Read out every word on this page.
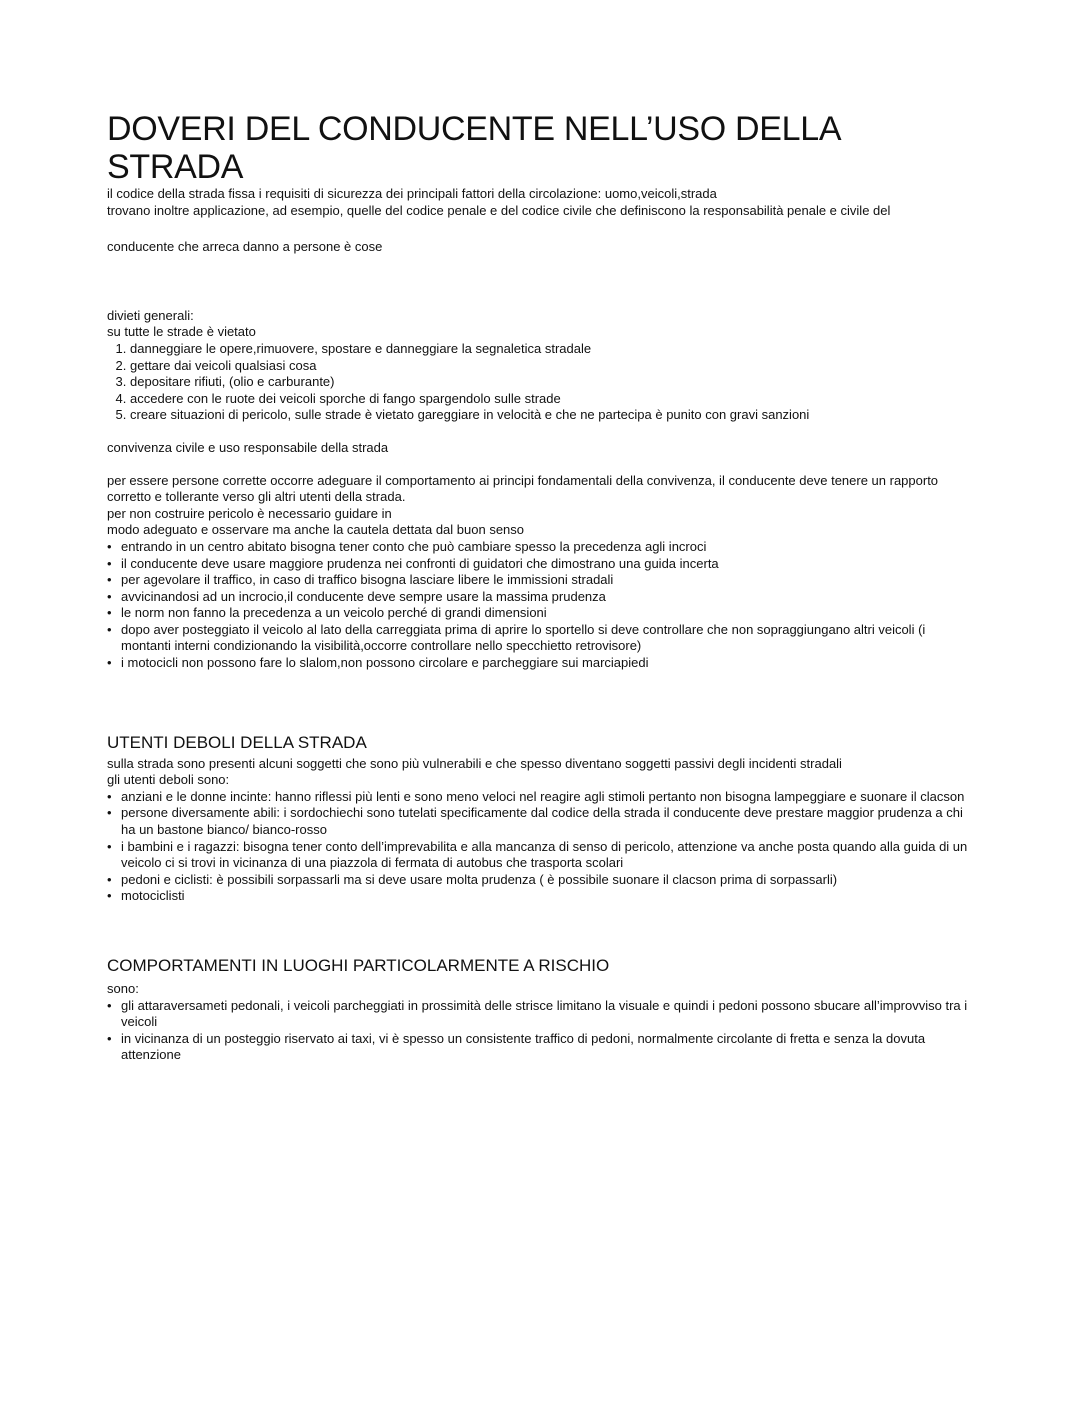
DOVERI DEL CONDUCENTE NELL’USO DELLA STRADA

il codice della strada fissa i requisiti di sicurezza dei principali fattori della circolazione: uomo,veicoli,strada

trovano inoltre applicazione, ad esempio, quelle del codice penale e del codice civile che definiscono la responsabilità penale e civile del

conducente che arreca danno a persone è cose

divieti generali:

su tutte le strade è vietato

1. danneggiare le opere,rimuovere, spostare e danneggiare la segnaletica stradale
2. gettare dai veicoli qualsiasi cosa
3. depositare rifiuti, (olio e carburante)
4. accedere con le ruote dei veicoli sporche di fango spargendolo sulle strade
5. creare situazioni di pericolo, sulle strade è vietato gareggiare in velocità e che ne partecipa è punito con gravi sanzioni

convivenza civile e uso responsabile della strada

per essere persone corrette occorre adeguare il comportamento ai principi fondamentali della convivenza, il conducente deve tenere un rapporto corretto e tollerante verso gli altri utenti della strada.

per non costruire pericolo è necessario guidare in

modo adeguato e osservare ma anche la cautela dettata dal buon senso

• entrando in un centro abitato bisogna tener conto che può cambiare spesso la precedenza agli incroci
• il conducente deve usare maggiore prudenza nei confronti di guidatori che dimostrano una guida incerta
• per agevolare il traffico, in caso di traffico bisogna lasciare libere le immissioni stradali
• avvicinandosi ad un incrocio,il conducente deve sempre usare la massima prudenza
• le norm non fanno la precedenza a un veicolo perché di grandi dimensioni
• dopo aver posteggiato il veicolo al lato della carreggiata prima di aprire lo sportello si deve controllare che non sopraggiungano altri veicoli (i montanti interni condizionando la visibilità,occorre controllare nello specchietto retrovisore)
• i motocicli non possono fare lo slalom,non possono circolare e parcheggiare sui marciapiedi
UTENTI DEBOLI DELLA STRADA

sulla strada sono presenti alcuni soggetti che sono più vulnerabili e che spesso diventano soggetti passivi degli incidenti stradali

gli utenti deboli sono:

• anziani e le donne incinte: hanno riflessi più lenti e sono meno veloci nel reagire agli stimoli pertanto non bisogna lampeggiare e suonare il clacson
• persone diversamente abili: i sordochiechi sono tutelati specificamente dal codice della strada il conducente deve prestare maggior prudenza a chi ha un bastone bianco/ bianco-rosso
• i bambini e i ragazzi: bisogna tener conto dell’imprevabilita e alla mancanza di senso di pericolo, attenzione va anche posta quando alla guida di un veicolo ci si trovi in vicinanza di una piazzola di fermata di autobus che trasporta scolari
• pedoni e ciclisti: è possibili sorpassarli ma si deve usare molta prudenza ( è possibile suonare il clacson prima di sorpassarli)
• motociclisti
COMPORTAMENTI IN LUOGHI PARTICOLARMENTE A RISCHIO

sono:

• gli attaraversameti pedonali, i veicoli parcheggiati in prossimità delle strisce limitano la visuale e quindi i pedoni possono sbucare all’improvviso tra i veicoli
• in vicinanza di un posteggio riservato ai taxi, vi è spesso un consistente traffico di pedoni, normalmente circolante di fretta e senza la dovuta attenzione
